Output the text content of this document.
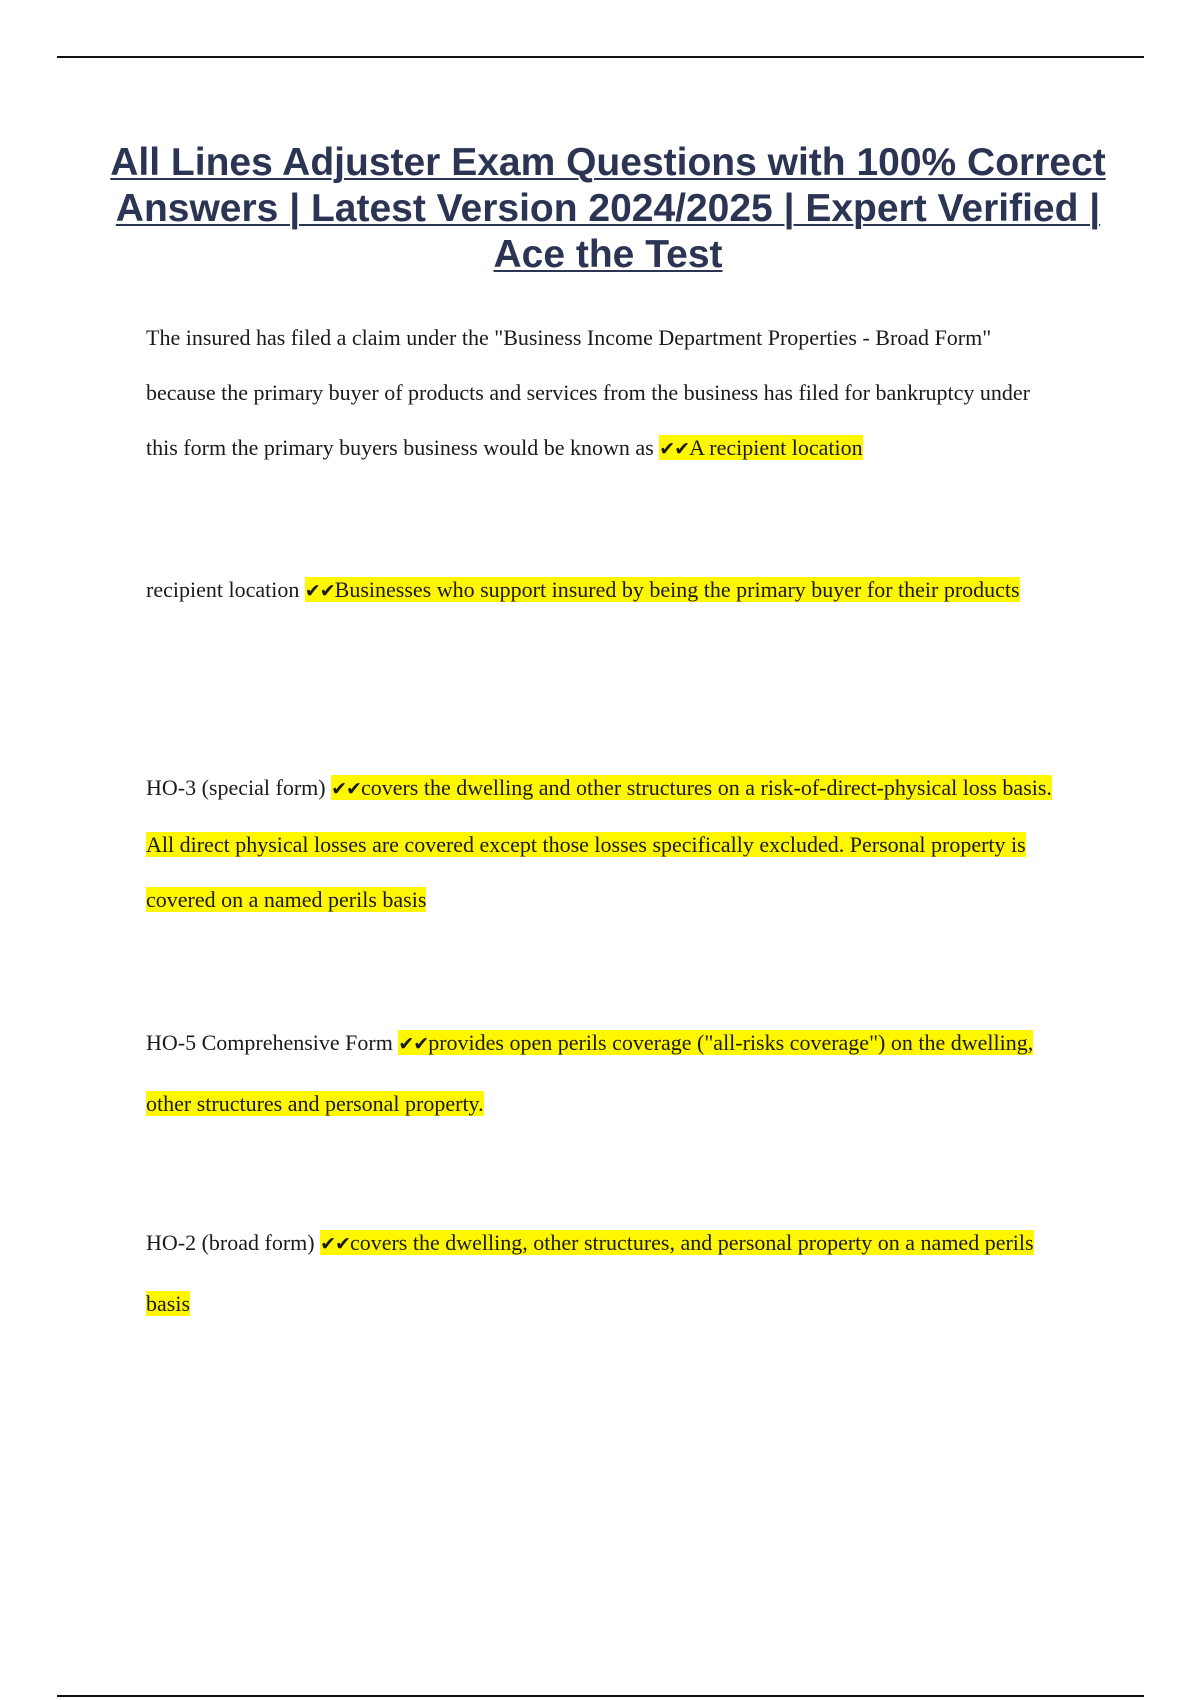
All Lines Adjuster Exam Questions with 100% Correct Answers | Latest Version 2024/2025 | Expert Verified | Ace the Test

The insured has filed a claim under the "Business Income Department Properties - Broad Form" because the primary buyer of products and services from the business has filed for bankruptcy under this form the primary buyers business would be known as ✔✔A recipient location

recipient location ✔✔Businesses who support insured by being the primary buyer for their products

HO-3 (special form) ✔✔covers the dwelling and other structures on a risk-of-direct-physical loss basis. All direct physical losses are covered except those losses specifically excluded. Personal property is covered on a named perils basis

HO-5 Comprehensive Form ✔✔provides open perils coverage ("all-risks coverage") on the dwelling, other structures and personal property.

HO-2 (broad form) ✔✔covers the dwelling, other structures, and personal property on a named perils basis
